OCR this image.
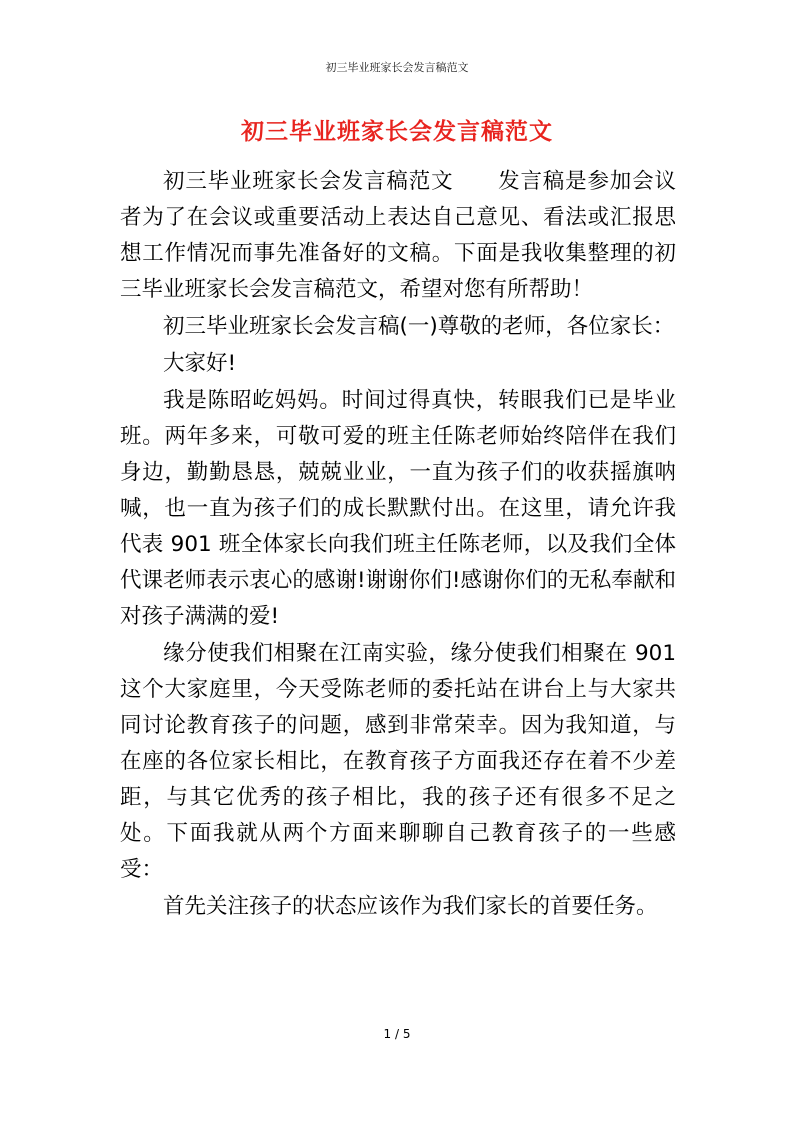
初三毕业班家长会发言稿范文
初三毕业班家长会发言稿范文

初三毕业班家长会发言稿范文　　发言稿是参加会议者为了在会议或重要活动上表达自己意见、看法或汇报思想工作情况而事先准备好的文稿。下面是我收集整理的初三毕业班家长会发言稿范文，希望对您有所帮助！

初三毕业班家长会发言稿(一)尊敬的老师，各位家长：

大家好!

我是陈昭屹妈妈。时间过得真快，转眼我们已是毕业班。两年多来，可敬可爱的班主任陈老师始终陪伴在我们身边，勤勤恳恳，兢兢业业，一直为孩子们的收获摇旗呐喊，也一直为孩子们的成长默默付出。在这里，请允许我代表 901 班全体家长向我们班主任陈老师，以及我们全体代课老师表示衷心的感谢!谢谢你们!感谢你们的无私奉献和对孩子满满的爱!

缘分使我们相聚在江南实验，缘分使我们相聚在 901 这个大家庭里，今天受陈老师的委托站在讲台上与大家共同讨论教育孩子的问题，感到非常荣幸。因为我知道，与在座的各位家长相比，在教育孩子方面我还存在着不少差距，与其它优秀的孩子相比，我的孩子还有很多不足之处。下面我就从两个方面来聊聊自己教育孩子的一些感受：

首先关注孩子的状态应该作为我们家长的首要任务。

1 / 5
